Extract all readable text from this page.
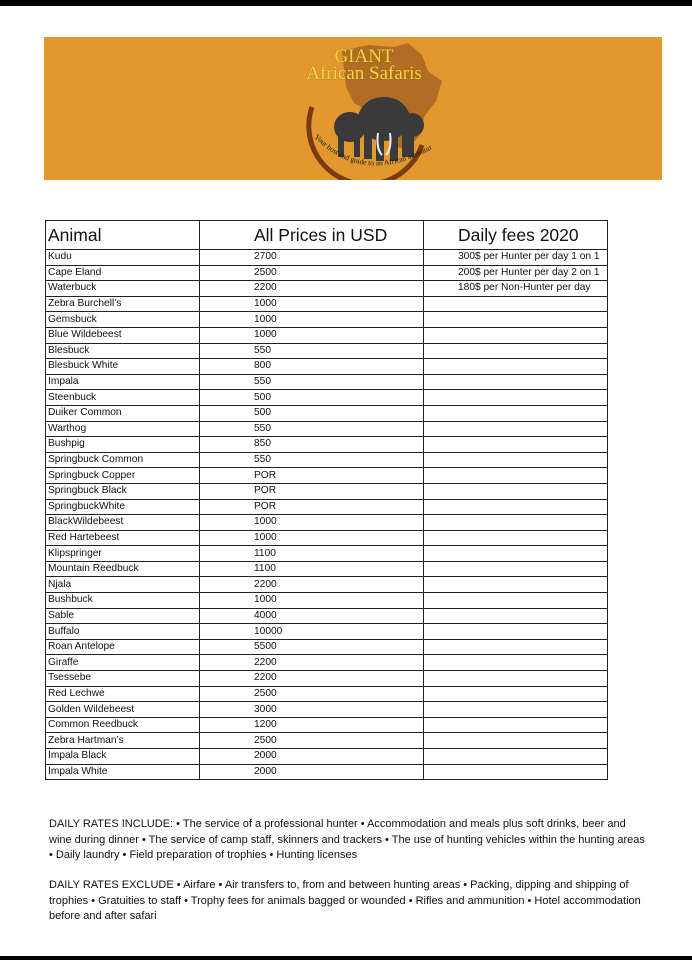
Your host and guide to an African adventur
GIANT
African Safaris
Animal	All Prices in USD	Daily fees 2020
Kudu	2700	300$ per Hunter per day 1 on 1
Cape Eland	2500	200$ per Hunter per day 2 on 1
Waterbuck	2200	180$ per Non-Hunter per day
Zebra Burchell’s	1000	
Gemsbuck	1000	
Blue Wildebeest	1000	
Blesbuck	550	
Blesbuck White	800	
Impala	550	
Steenbuck	500	
Duiker Common	500	
Warthog	550	
Bushpig	850	
Springbuck Common	550	
Springbuck Copper	POR	
Springbuck Black	POR	
SpringbuckWhite	POR	
BlackWildebeest	1000	
Red Hartebeest	1000	
Klipspringer	1100	
Mountain Reedbuck	1100	
Njala	2200	
Bushbuck	1000	
Sable	4000	
Buffalo	10000	
Roan Antelope	5500	
Giraffe	2200	
Tsessebe	2200	
Red Lechwe	2500	
Golden Wildebeest	3000	
Common Reedbuck	1200	
Zebra Hartman’s	2500	
Impala Black	2000	
Impala White	2000	
DAILY RATES INCLUDE: • The service of a professional hunter • Accommodation and meals plus soft drinks, beer and wine during dinner • The service of camp staff, skinners and trackers • The use of hunting vehicles within the hunting areas • Daily laundry • Field preparation of trophies • Hunting licenses
DAILY RATES EXCLUDE • Airfare • Air transfers to, from and between hunting areas • Packing, dipping and shipping of trophies • Gratuities to staff • Trophy fees for animals bagged or wounded • Rifles and ammunition • Hotel accommodation before and after safari
